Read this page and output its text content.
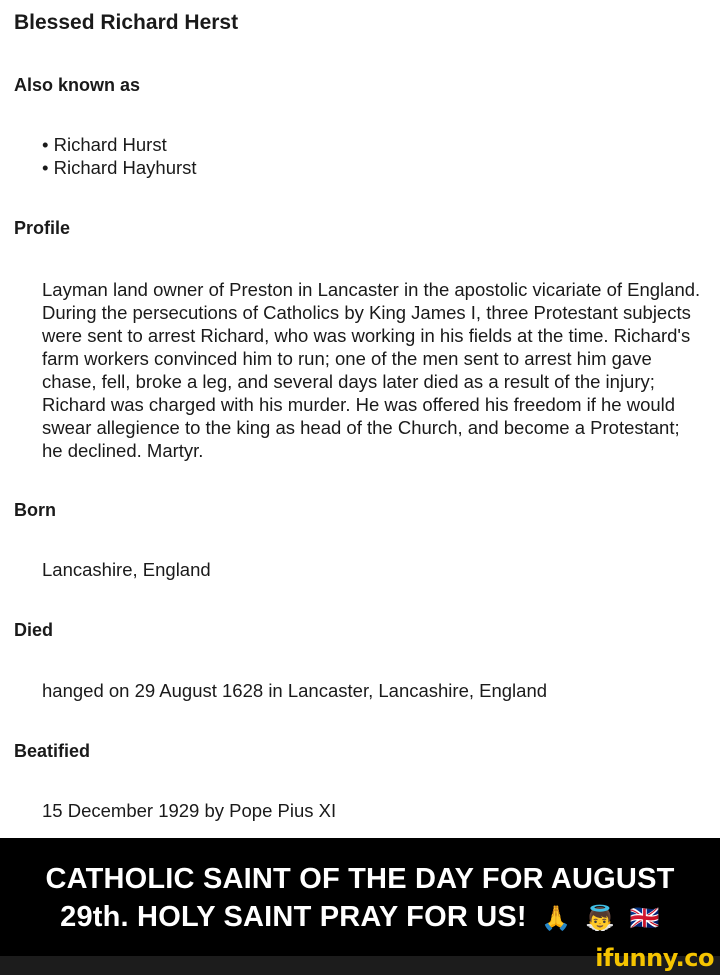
Blessed Richard Herst
Also known as
• Richard Hurst
• Richard Hayhurst
Profile

Layman land owner of Preston in Lancaster in the apostolic vicariate of England. During the persecutions of Catholics by King James I, three Protestant subjects were sent to arrest Richard, who was working in his fields at the time. Richard's farm workers convinced him to run; one of the men sent to arrest him gave chase, fell, broke a leg, and several days later died as a result of the injury; Richard was charged with his murder. He was offered his freedom if he would swear allegience to the king as head of the Church, and become a Protestant; he declined. Martyr.

Born

Lancashire, England

Died

hanged on 29 August 1628 in Lancaster, Lancashire, England

Beatified

15 December 1929 by Pope Pius XI

CATHOLIC SAINT OF THE DAY FOR AUGUST
29th. HOLY SAINT PRAY FOR US! 🙏 👼 🇬🇧

ifunny.co
